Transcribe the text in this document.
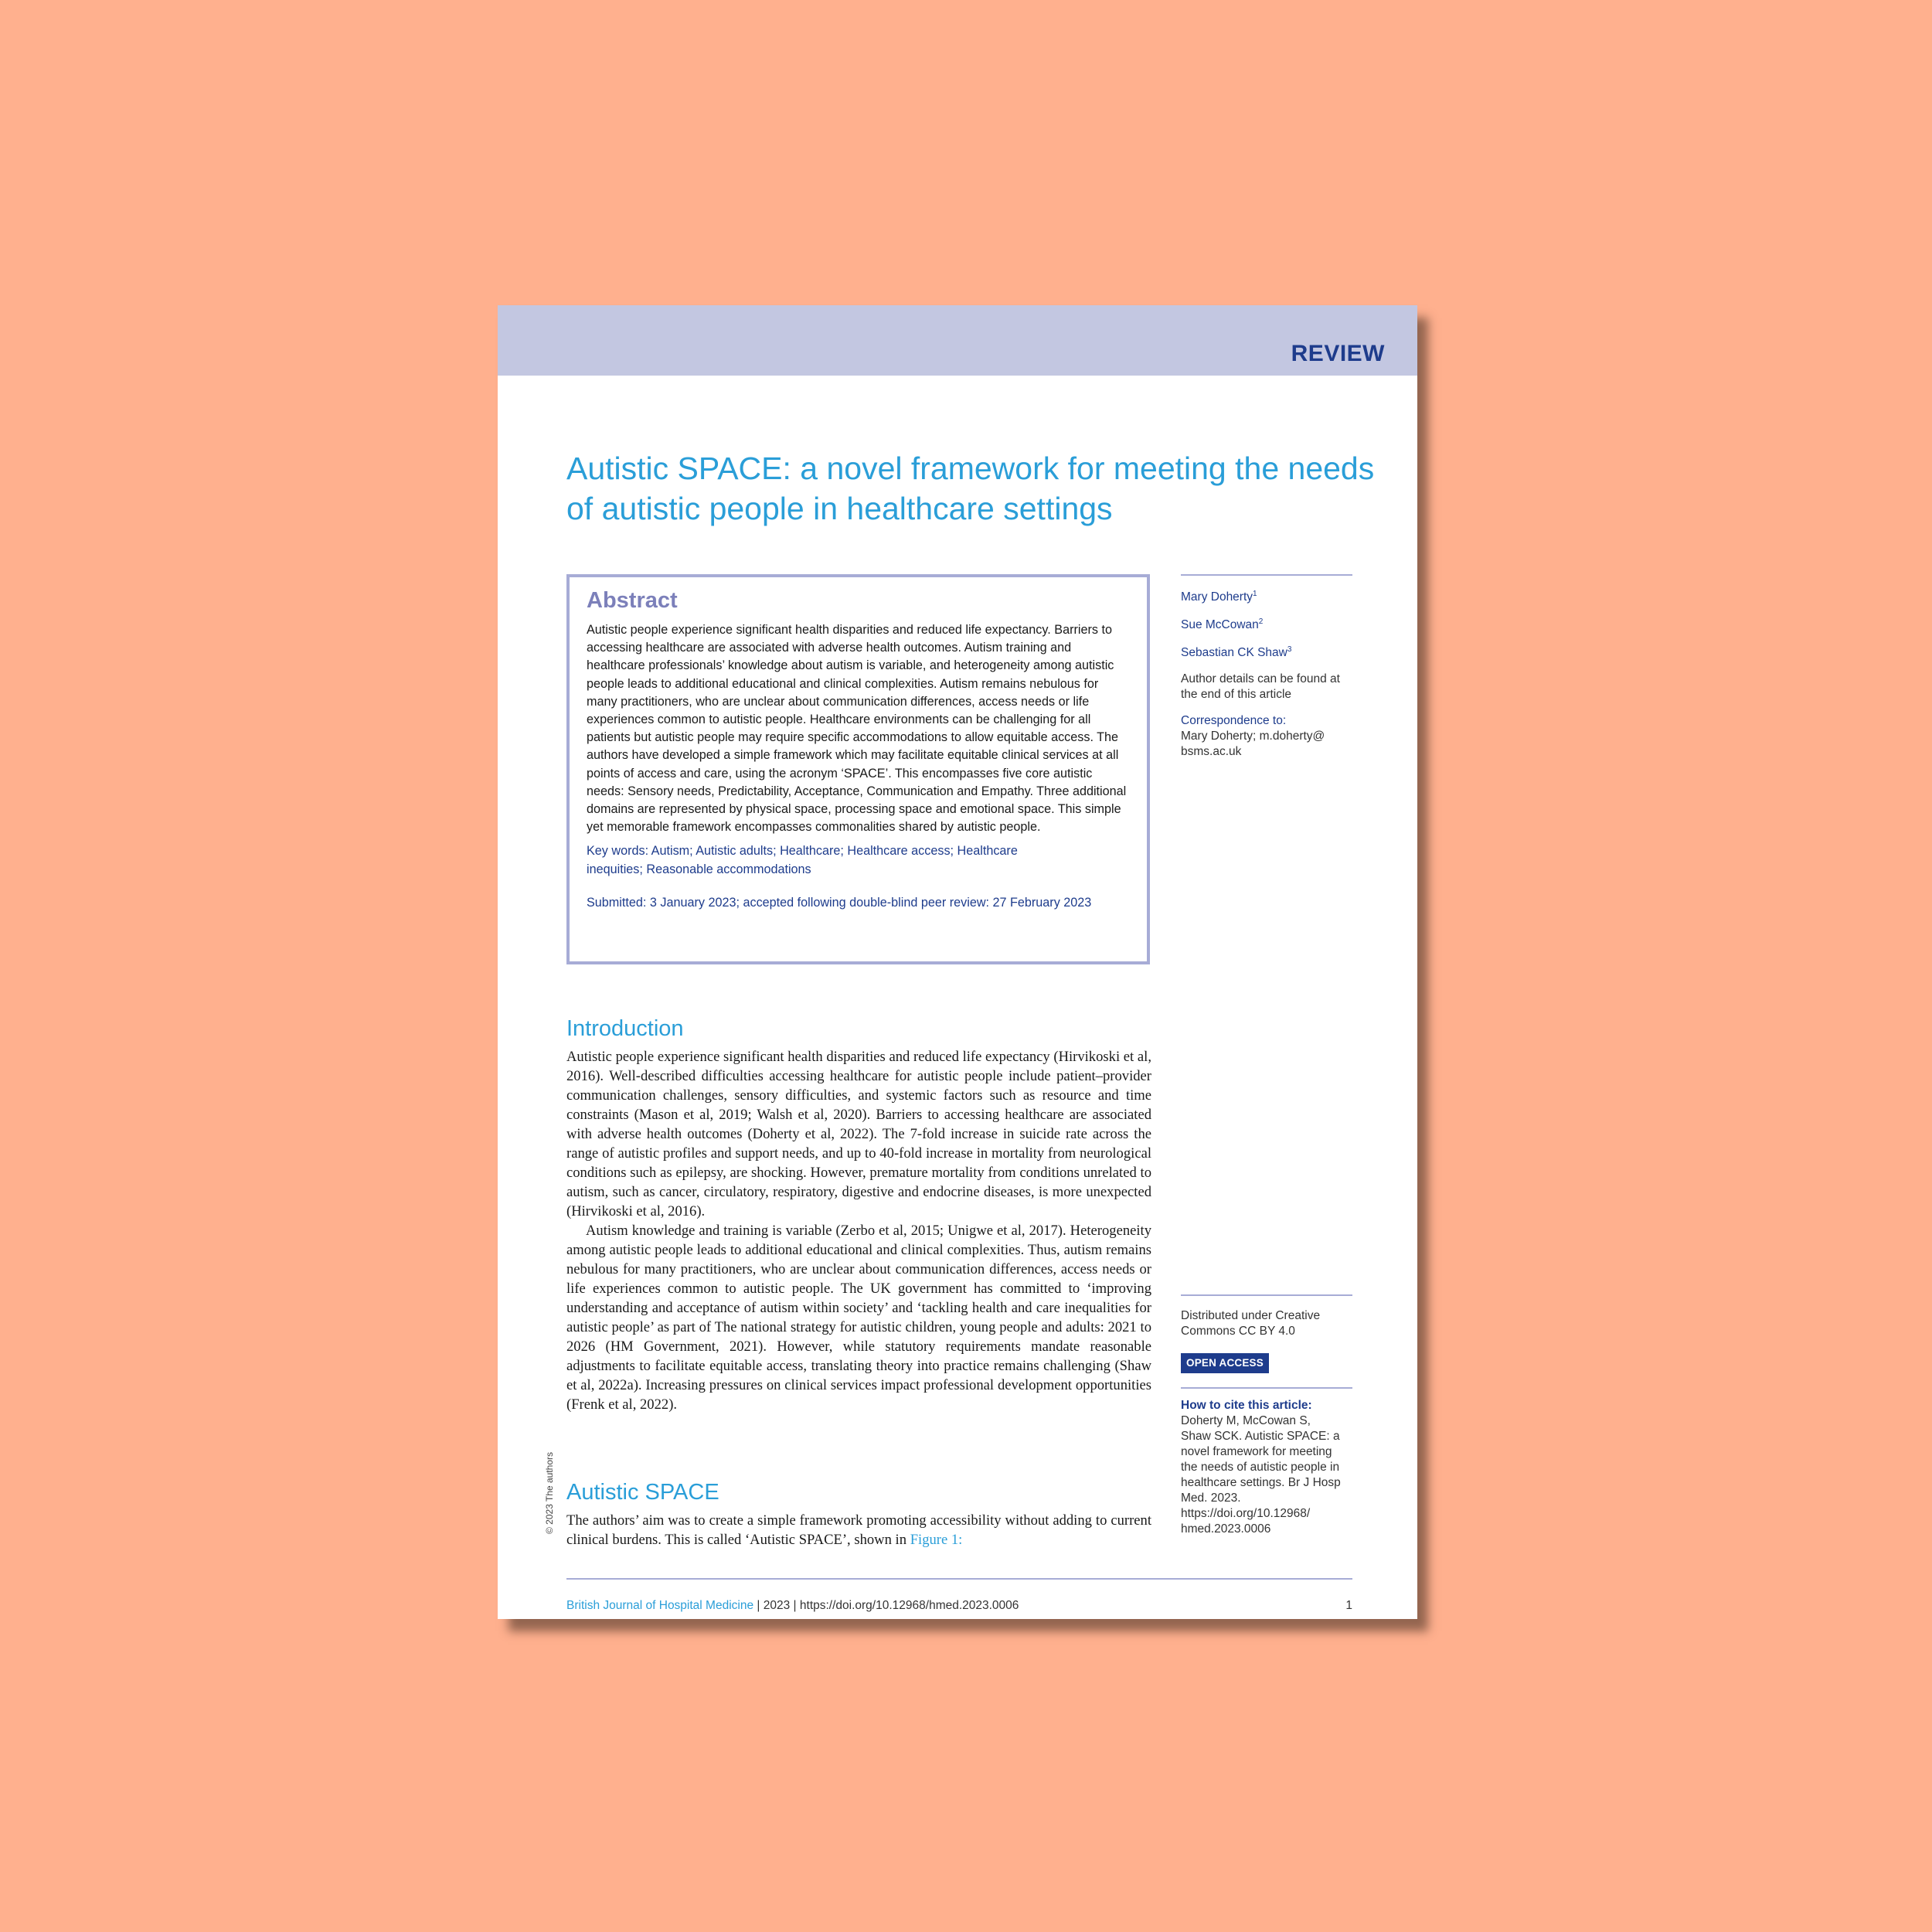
REVIEW
Autistic SPACE: a novel framework for meeting the needs of autistic people in healthcare settings
Abstract
Autistic people experience significant health disparities and reduced life expectancy. Barriers to accessing healthcare are associated with adverse health outcomes. Autism training and healthcare professionals’ knowledge about autism is variable, and heterogeneity among autistic people leads to additional educational and clinical complexities. Autism remains nebulous for many practitioners, who are unclear about communication differences, access needs or life experiences common to autistic people. Healthcare environments can be challenging for all patients but autistic people may require specific accommodations to allow equitable access. The authors have developed a simple framework which may facilitate equitable clinical services at all points of access and care, using the acronym ‘SPACE’. This encompasses five core autistic needs: Sensory needs, Predictability, Acceptance, Communication and Empathy. Three additional domains are represented by physical space, processing space and emotional space. This simple yet memorable framework encompasses commonalities shared by autistic people.
Key words: Autism; Autistic adults; Healthcare; Healthcare access; Healthcare inequities; Reasonable accommodations
Submitted: 3 January 2023; accepted following double-blind peer review: 27 February 2023
Mary Doherty$^1$
Sue McCowan$^2$
Sebastian CK Shaw$^3$
Author details can be found at the end of this article
Correspondence to:
Mary Doherty; m.doherty@ bsms.ac.uk
Distributed under Creative Commons CC BY 4.0
OPEN ACCESS
How to cite this article:
Doherty M, McCowan S, Shaw SCK. Autistic SPACE: a novel framework for meeting the needs of autistic people in healthcare settings. Br J Hosp Med. 2023. https://doi.org/10.12968/ hmed.2023.0006
Introduction

Autistic people experience significant health disparities and reduced life expectancy (Hirvikoski et al, 2016). Well-described difficulties accessing healthcare for autistic people include patient–provider communication challenges, sensory difficulties, and systemic factors such as resource and time constraints (Mason et al, 2019; Walsh et al, 2020). Barriers to accessing healthcare are associated with adverse health outcomes (Doherty et al, 2022). The 7-fold increase in suicide rate across the range of autistic profiles and support needs, and up to 40-fold increase in mortality from neurological conditions such as epilepsy, are shocking. However, premature mortality from conditions unrelated to autism, such as cancer, circulatory, respiratory, digestive and endocrine diseases, is more unexpected (Hirvikoski et al, 2016).

Autism knowledge and training is variable (Zerbo et al, 2015; Unigwe et al, 2017). Heterogeneity among autistic people leads to additional educational and clinical complexities. Thus, autism remains nebulous for many practitioners, who are unclear about communication differences, access needs or life experiences common to autistic people. The UK government has committed to ‘improving understanding and acceptance of autism within society’ and ‘tackling health and care inequalities for autistic people’ as part of The national strategy for autistic children, young people and adults: 2021 to 2026 (HM Government, 2021). However, while statutory requirements mandate reasonable adjustments to facilitate equitable access, translating theory into practice remains challenging (Shaw et al, 2022a). Increasing pressures on clinical services impact professional development opportunities (Frenk et al, 2022).

Autistic SPACE

The authors’ aim was to create a simple framework promoting accessibility without adding to current clinical burdens. This is called ‘Autistic SPACE’, shown in Figure 1:

© 2023 The authors
British Journal of Hospital Medicine | 2023 | https://doi.org/10.12968/hmed.2023.0006	1
